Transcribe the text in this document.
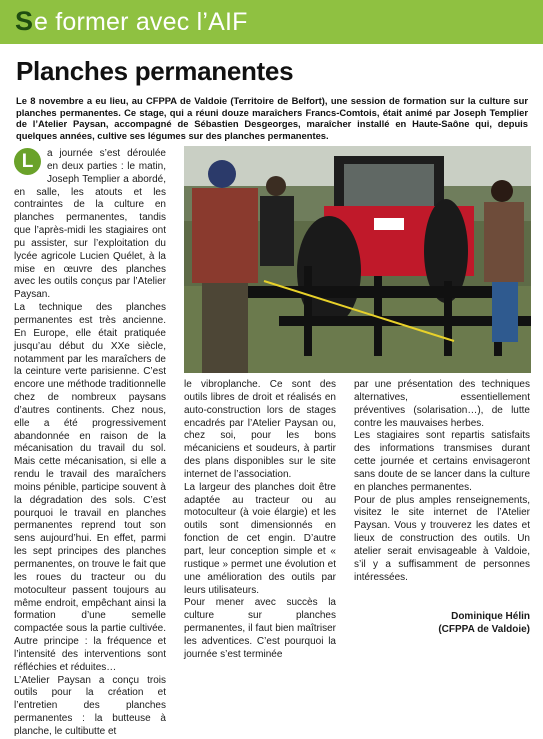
S e former avec l’AIF
Planches permanentes
Le 8 novembre a eu lieu, au CFPPA de Valdoie (Territoire de Belfort), une session de formation sur la culture sur planches permanentes. Ce stage, qui a réuni douze maraîchers Francs-Comtois, était animé par Joseph Templier de l’Atelier Paysan, accompagné de Sébastien Desgeorges, maraîcher installé en Haute-Saône qui, depuis quelques années, cultive ses légumes sur des planches permanentes.

L	a journée s’est déroulée en deux parties : le matin, Joseph Templier a abordé, en salle, les atouts et les contraintes de la culture en planches permanentes, tandis que l’après-midi les stagiaires ont pu assister, sur l’exploitation du lycée agricole Lucien Quélet, à la mise en œuvre des planches avec les outils conçus par l’Atelier Paysan.

La technique des planches permanentes est très ancienne. En Europe, elle était pratiquée jusqu’au début du XXe siècle, notamment par les maraîchers de la ceinture verte parisienne. C’est encore une méthode traditionnelle chez de nombreux paysans d’autres continents. Chez nous, elle a été progressivement abandonnée en raison de la mécanisation du travail du sol. Mais cette mécanisation, si elle a rendu le travail des maraîchers moins pénible, participe souvent à la dégradation des sols. C’est pourquoi le travail en planches permanentes reprend tout son sens aujourd’hui. En effet, parmi les sept principes des planches permanentes, on trouve le fait que les roues du tracteur ou du motoculteur passent toujours au même endroit, empêchant ainsi la formation d’une semelle compactée sous la partie cultivée. Autre principe : la fréquence et l’intensité des interventions sont réfléchies et réduites…

L’Atelier Paysan a conçu trois outils pour la création et l’entretien des planches permanentes : la butteuse à planche, le cultibutte et

le vibroplanche. Ce sont des outils libres de droit et réalisés en auto-construction lors de stages encadrés par l’Atelier Paysan ou, chez soi, pour les bons mécaniciens et soudeurs, à partir des plans disponibles sur le site internet de l’association.

La largeur des planches doit être adaptée au tracteur ou au motoculteur (à voie élargie) et les outils sont dimensionnés en fonction de cet engin. D’autre part, leur conception simple et « rustique » permet une évolution et une amélioration des outils par leurs utilisateurs.

Pour mener avec succès la culture sur planches permanentes, il faut bien maîtriser les adventices. C’est pourquoi la journée s’est terminée

par une présentation des techniques alternatives, essentiellement préventives (solarisation…), de lutte contre les mauvaises herbes.

Les stagiaires sont repartis satisfaits des informations transmises durant cette journée et certains envisageront sans doute de se lancer dans la culture en planches permanentes.

Pour de plus amples renseignements, visitez le site internet de l’Atelier Paysan. Vous y trouverez les dates et lieux de construction des outils. Un atelier serait envisageable à Valdoie, s’il y a suffisamment de personnes intéressées.

Dominique Hélin
(CFPPA de Valdoie)
